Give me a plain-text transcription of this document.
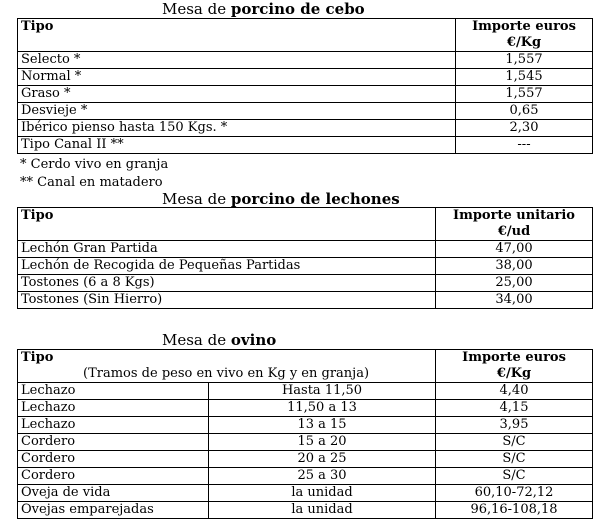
Mesa de porcino de cebo
Tipo	Importe euros
€/Kg
Selecto *	1,557
Normal *	1,545
Graso *	1,557
Desvieje *	0,65
Ibérico pienso hasta 150 Kgs. *	2,30
Tipo Canal II **	---
* Cerdo vivo en granja
** Canal en matadero
Mesa de porcino de lechones
Tipo	Importe unitario
€/ud
Lechón Gran Partida	47,00
Lechón de Recogida de Pequeñas Partidas	38,00
Tostones (6 a 8 Kgs)	25,00
Tostones (Sin Hierro)	34,00
Mesa de ovino
Tipo
(Tramos de peso en vivo en Kg y en granja)		Importe euros
€/Kg
Lechazo	Hasta 11,50	4,40
Lechazo	11,50 a 13	4,15
Lechazo	13 a 15	3,95
Cordero	15 a 20	S/C
Cordero	20 a 25	S/C
Cordero	25 a 30	S/C
Oveja de vida	la unidad	60,10-72,12
Ovejas emparejadas	la unidad	96,16-108,18
